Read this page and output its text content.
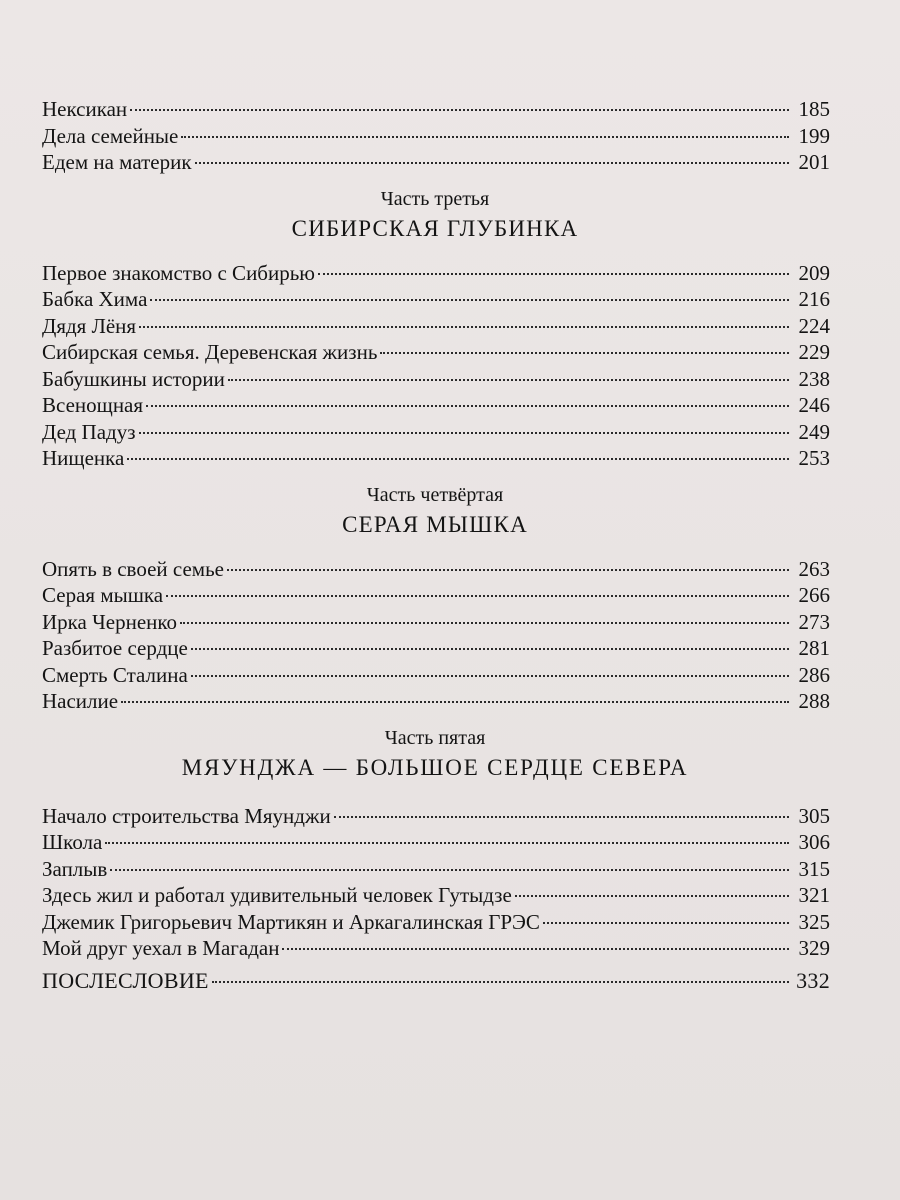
Нексикан	185
Дела семейные	199
Едем на материк	201
Часть третья
СИБИРСКАЯ ГЛУБИНКА
Первое знакомство с Сибирью	209
Бабка Хима	216
Дядя Лёня	224
Сибирская семья. Деревенская жизнь	229
Бабушкины истории	238
Всенощная	246
Дед Падуз	249
Нищенка	253
Часть четвёртая
СЕРАЯ МЫШКА
Опять в своей семье	263
Серая мышка	266
Ирка Черненко	273
Разбитое сердце	281
Смерть Сталина	286
Насилие	288
Часть пятая
МЯУНДЖА — БОЛЬШОЕ СЕРДЦЕ СЕВЕРА
Начало строительства Мяунджи	305
Школа	306
Заплыв	315
Здесь жил и работал удивительный человек Гутыдзе	321
Джемик Григорьевич Мартикян и Аркагалинская ГРЭС	325
Мой друг уехал в Магадан	329
ПОСЛЕСЛОВИЕ	332
